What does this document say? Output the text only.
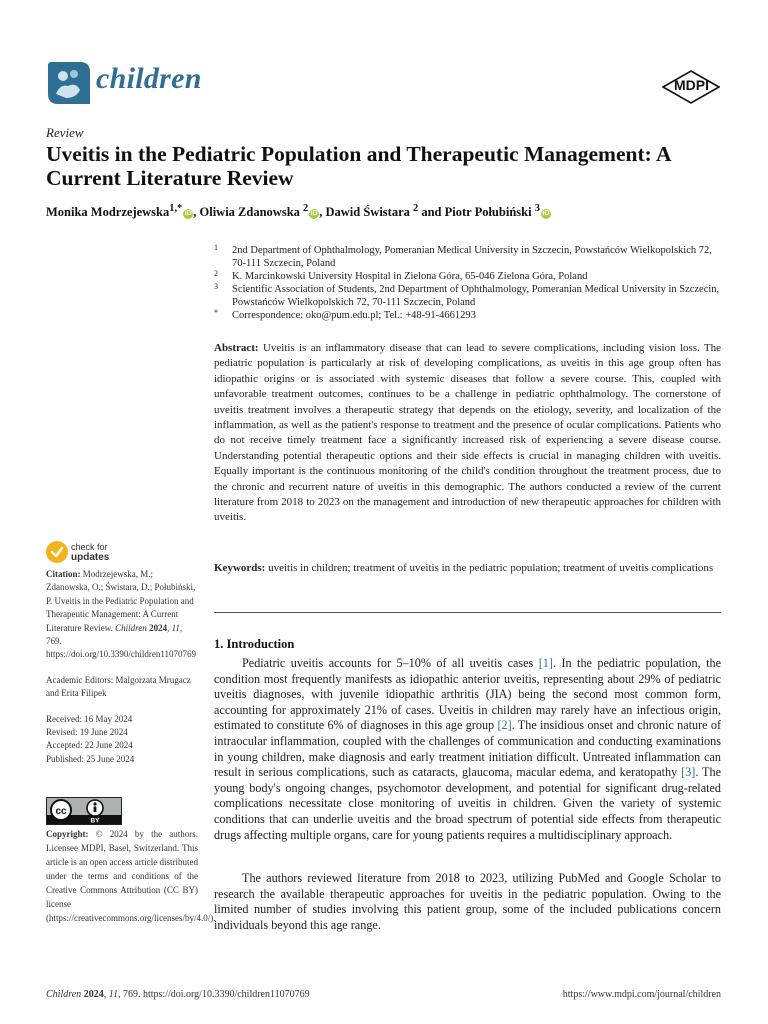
children	MDPI
Review
Uveitis in the Pediatric Population and Therapeutic Management: A Current Literature Review
Monika Modrzejewska$^{1,*}$ iD , Oliwia Zdanowska $^2$ iD , Dawid Świstara $^2$ and Piotr Połubiński $^3$ iD
1 2nd Department of Ophthalmology, Pomeranian Medical University in Szczecin, Powstańców Wielkopolskich 72, 70-111 Szczecin, Poland
2 K. Marcinkowski University Hospital in Zielona Góra, 65-046 Zielona Góra, Poland
3 Scientific Association of Students, 2nd Department of Ophthalmology, Pomeranian Medical University in Szczecin, Powstańców Wielkopolskich 72, 70-111 Szczecin, Poland
* Correspondence: oko@pum.edu.pl; Tel.: +48-91-4661293
Abstract: Uveitis is an inflammatory disease that can lead to severe complications, including vision loss. The pediatric population is particularly at risk of developing complications, as uveitis in this age group often has idiopathic origins or is associated with systemic diseases that follow a severe course. This, coupled with unfavorable treatment outcomes, continues to be a challenge in pediatric ophthalmology. The cornerstone of uveitis treatment involves a therapeutic strategy that depends on the etiology, severity, and localization of the inflammation, as well as the patient's response to treatment and the presence of ocular complications. Patients who do not receive timely treatment face a significantly increased risk of experiencing a severe disease course. Understanding potential therapeutic options and their side effects is crucial in managing children with uveitis. Equally important is the continuous monitoring of the child's condition throughout the treatment process, due to the chronic and recurrent nature of uveitis in this demographic. The authors conducted a review of the current literature from 2018 to 2023 on the management and introduction of new therapeutic approaches for children with uveitis.
Keywords: uveitis in children; treatment of uveitis in the pediatric population; treatment of uveitis complications
check for
updates

Citation: Modrzejewska, M.; Zdanowska, O.; Świstara, D.; Połubiński, P. Uveitis in the Pediatric Population and Therapeutic Management: A Current Literature Review. Children 2024, 11, 769. https://doi.org/10.3390/children11070769

Academic Editors: Malgorzata Mrugacz and Erita Filipek

Received: 16 May 2024

Revised: 19 June 2024

Accepted: 22 June 2024

Published: 25 June 2024

cc
BY
Copyright: © 2024 by the authors. Licensee MDPI, Basel, Switzerland. This article is an open access article distributed under the terms and conditions of the Creative Commons Attribution (CC BY) license (https://creativecommons.org/licenses/by/4.0/).
1. Introduction

Pediatric uveitis accounts for 5–10% of all uveitis cases [1]. In the pediatric population, the condition most frequently manifests as idiopathic anterior uveitis, representing about 29% of pediatric uveitis diagnoses, with juvenile idiopathic arthritis (JIA) being the second most common form, accounting for approximately 21% of cases. Uveitis in children may rarely have an infectious origin, estimated to constitute 6% of diagnoses in this age group [2]. The insidious onset and chronic nature of intraocular inflammation, coupled with the challenges of communication and conducting examinations in young children, make diagnosis and early treatment initiation difficult. Untreated inflammation can result in serious complications, such as cataracts, glaucoma, macular edema, and keratopathy [3]. The young body's ongoing changes, psychomotor development, and potential for significant drug-related complications necessitate close monitoring of uveitis in children. Given the variety of systemic conditions that can underlie uveitis and the broad spectrum of potential side effects from therapeutic drugs affecting multiple organs, care for young patients requires a multidisciplinary approach.

The authors reviewed literature from 2018 to 2023, utilizing PubMed and Google Scholar to research the available therapeutic approaches for uveitis in the pediatric population. Owing to the limited number of studies involving this patient group, some of the included publications concern individuals beyond this age range.

Children 2024, 11, 769. https://doi.org/10.3390/children11070769	https://www.mdpi.com/journal/children
